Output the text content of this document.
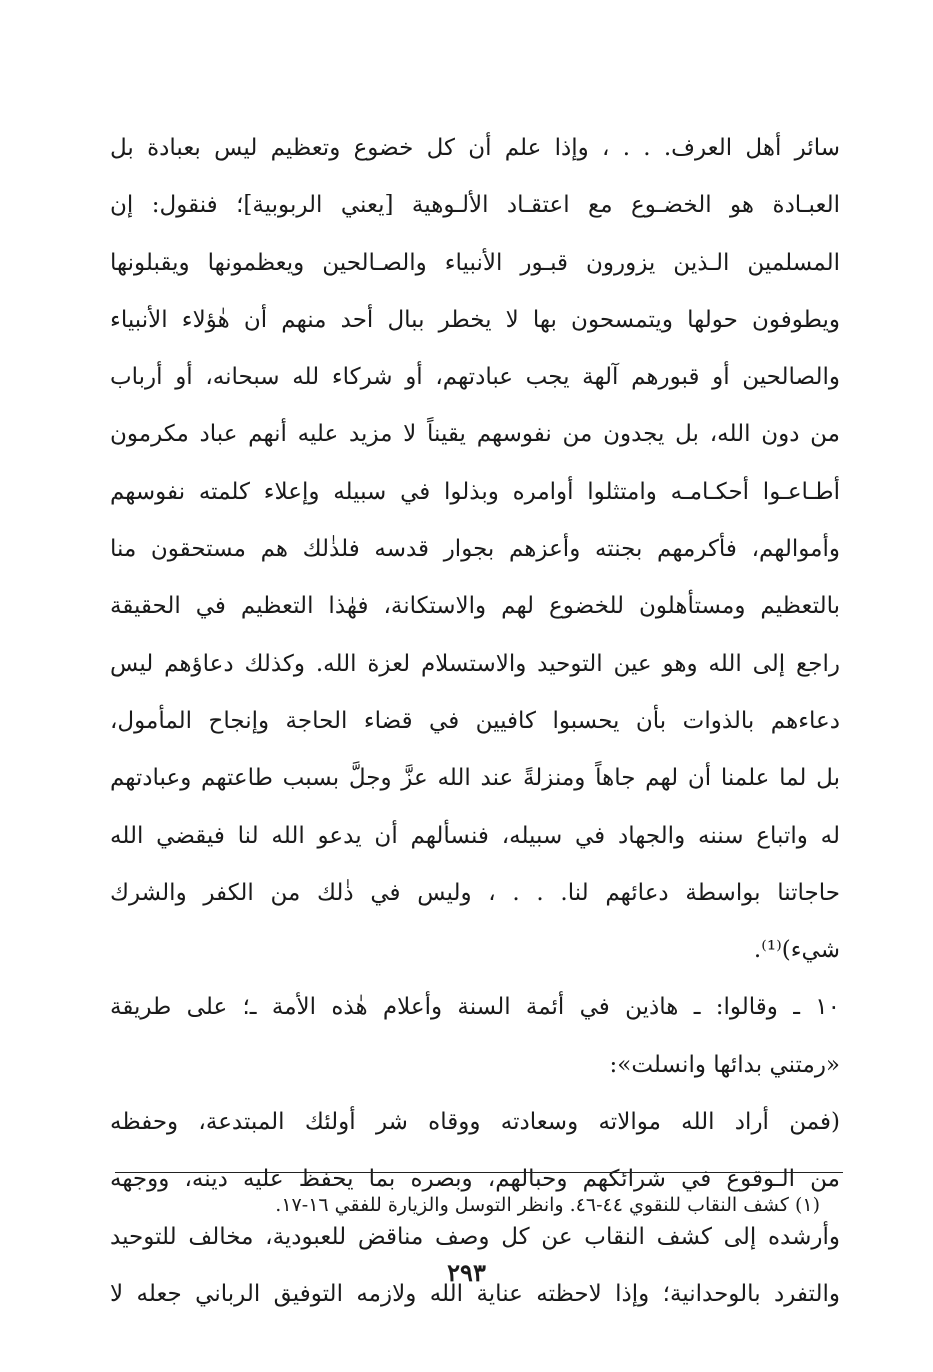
سائر أهل العرف. . . ، وإذا علم أن كل خضوع وتعظيم ليس بعبادة بل
العبـادة هو الخضـوع مع اعتقـاد الألـوهية [يعني الربوبية]؛ فنقول: إن
المسلمين الـذين يزورون قبـور الأنبياء والصـالحين ويعظمونها ويقبلونها
ويطوفون حولها ويتمسحون بها لا يخطر ببال أحد منهم أن هٰؤلاء الأنبياء
والصالحين أو قبورهم آلهة يجب عبادتهم، أو شركاء لله سبحانه، أو أرباب
من دون الله، بل يجدون من نفوسهم يقيناً لا مزيد عليه أنهم عباد مكرمون
أطـاعـوا أحكـامـه وامتثلوا أوامره وبذلوا في سبيله وإعلاء كلمته نفوسهم
وأموالهم، فأكرمهم بجنته وأعزهم بجوار قدسه فلذٰلك هم مستحقون منا
بالتعظيم ومستأهلون للخضوع لهم والاستكانة، فهٰذا التعظيم في الحقيقة
راجع إلى الله وهو عين التوحيد والاستسلام لعزة الله. وكذلك دعاؤهم ليس
دعاءهم بالذوات بأن يحسبوا كافيين في قضاء الحاجة وإنجاح المأمول،
بل لما علمنا أن لهم جاهاً ومنزلةً عند الله عزَّ وجلَّ بسبب طاعتهم وعبادتهم
له واتباع سننه والجهاد في سبيله، فنسألهم أن يدعو الله لنا فيقضي الله
حاجاتنا بواسطة دعائهم لنا. . . ، وليس في ذٰلك من الكفر والشرك
شيء)⁽¹⁾.
١٠ ـ وقالوا: ـ هاذين في أئمة السنة وأعلام هٰذه الأمة ـ؛ على طريقة
«رمتني بدائها وانسلت»:
(فمن أراد الله موالاته وسعادته ووقاه شر أولئك المبتدعة، وحفظه
من الـوقوع في شرائكهم وحبالهم، وبصره بما يحفظ عليه دينه، ووجهه
وأرشده إلى كشف النقاب عن كل وصف مناقض للعبودية، مخالف للتوحيد
والتفرد بالوحدانية؛ وإذا لاحظته عناية الله ولازمه التوفيق الرباني جعله لا
(١) كشف النقاب للنقوي ٤٤-٤٦. وانظر التوسل والزيارة للفقي ١٦-١٧.
٢٩٣
